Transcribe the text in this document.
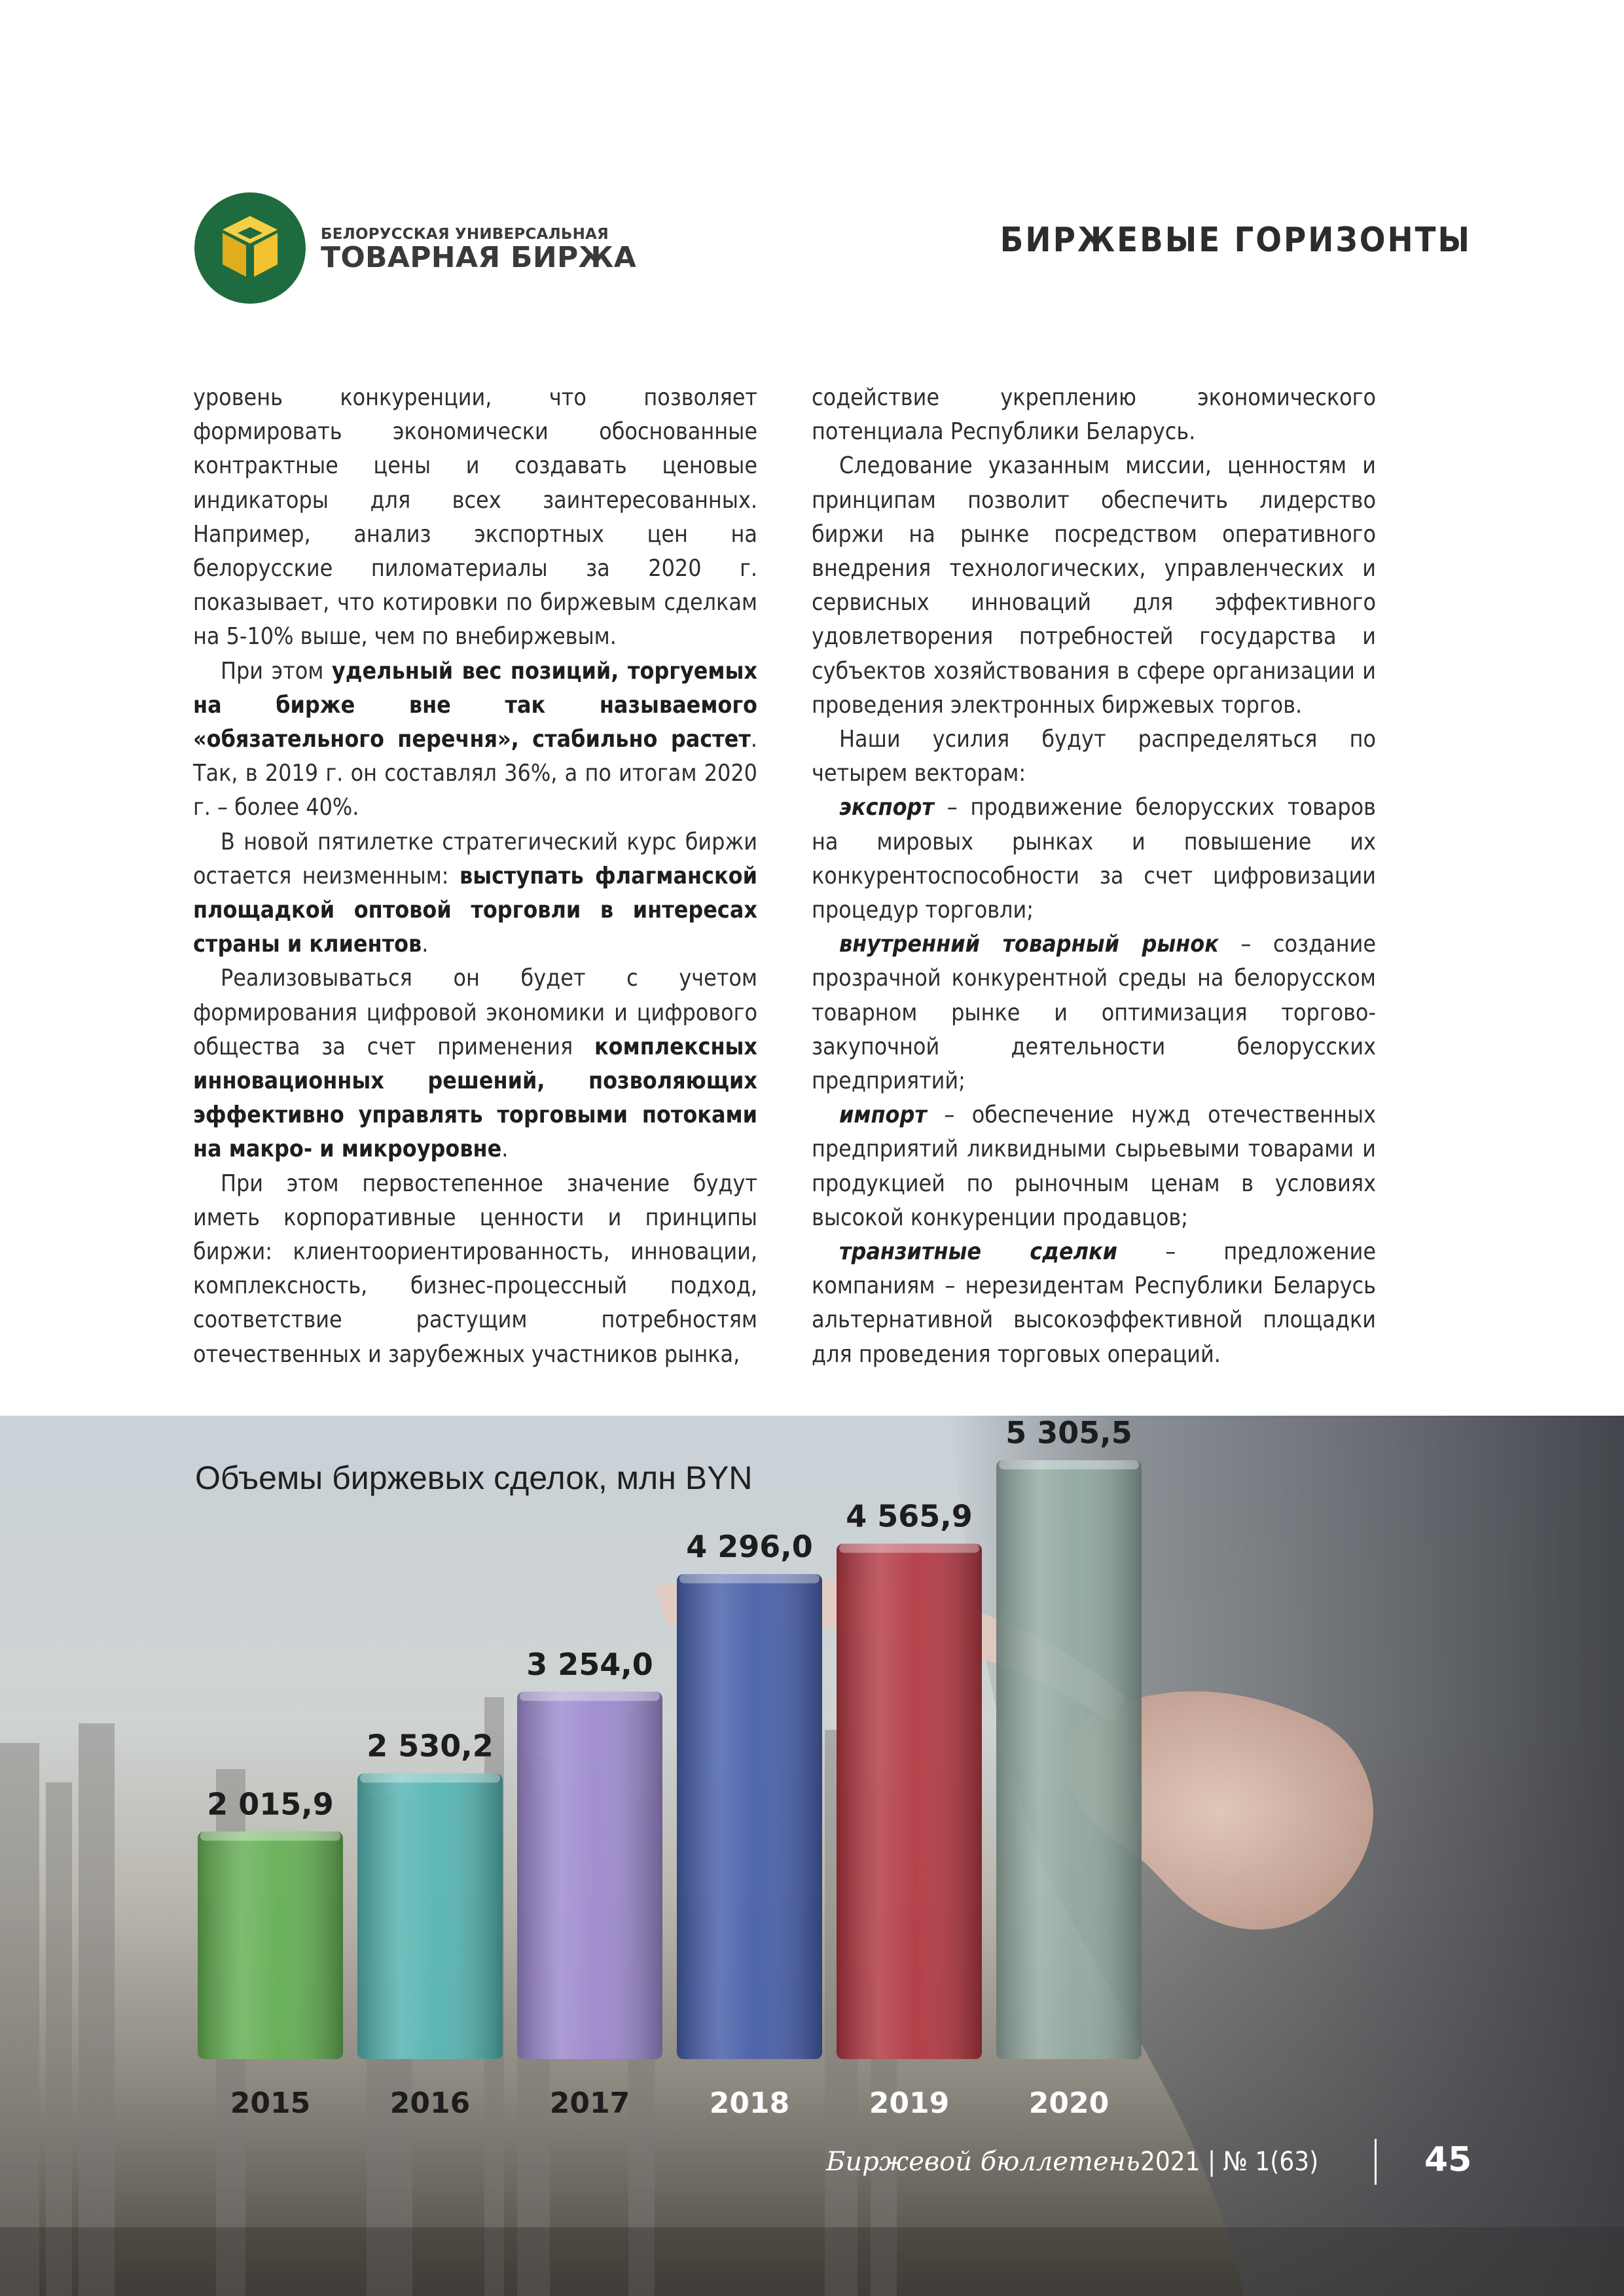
БЕЛОРУССКАЯ УНИВЕРСАЛЬНАЯ
ТОВАРНАЯ БИРЖА	БИРЖЕВЫЕ ГОРИЗОНТЫ

уровень конкуренции, что позволяет формировать экономически обоснованные контрактные цены и создавать ценовые индикаторы для всех заинтересованных. Например, анализ экспортных цен на белорусские пиломатериалы за 2020 г. показывает, что котировки по биржевым сделкам на 5-10% выше, чем по внебиржевым.

При этом удельный вес позиций, торгуемых на бирже вне так называемого «обязательного перечня», стабильно растет. Так, в 2019 г. он составлял 36%, а по итогам 2020 г. – более 40%.

В новой пятилетке стратегический курс биржи остается неизменным: выступать флагманской площадкой оптовой торговли в интересах страны и клиентов.

Реализовываться он будет с учетом формирования цифровой экономики и цифрового общества за счет применения комплексных инновационных решений, позволяющих эффективно управлять торговыми потоками на макро- и микроуровне.

При этом первостепенное значение будут иметь корпоративные ценности и принципы биржи: клиентоориентированность, инновации, комплексность, бизнес-процессный подход, соответствие растущим потребностям отечественных и зарубежных участников рынка,

содействие укреплению экономического потенциала Республики Беларусь.

Следование указанным миссии, ценностям и принципам позволит обеспечить лидерство биржи на рынке посредством оперативного внедрения технологических, управленческих и сервисных инноваций для эффективного удовлетворения потребностей государства и субъектов хозяйствования в сфере организации и проведения электронных биржевых торгов.

Наши усилия будут распределяться по четырем векторам:

экспорт – продвижение белорусских товаров на мировых рынках и повышение их конкурентоспособности за счет цифровизации процедур торговли;

внутренний товарный рынок – создание прозрачной конкурентной среды на белорусском товарном рынке и оптимизация торгово-закупочной деятельности белорусских предприятий;

импорт – обеспечение нужд отечественных предприятий ликвидными сырьевыми товарами и продукцией по рыночным ценам в условиях высокой конкуренции продавцов;

транзитные сделки – предложение компаниям – нерезидентам Республики Беларусь альтернативной высокоэффективной площадки для проведения торговых операций.

Объемы биржевых сделок, млн BYN
2 015,9
2015
2 530,2
2016
3 254,0
2017
4 296,0
2018
4 565,9
2019
5 305,5
2020
Биржевой бюллетень 2021 | № 1(63)	45
